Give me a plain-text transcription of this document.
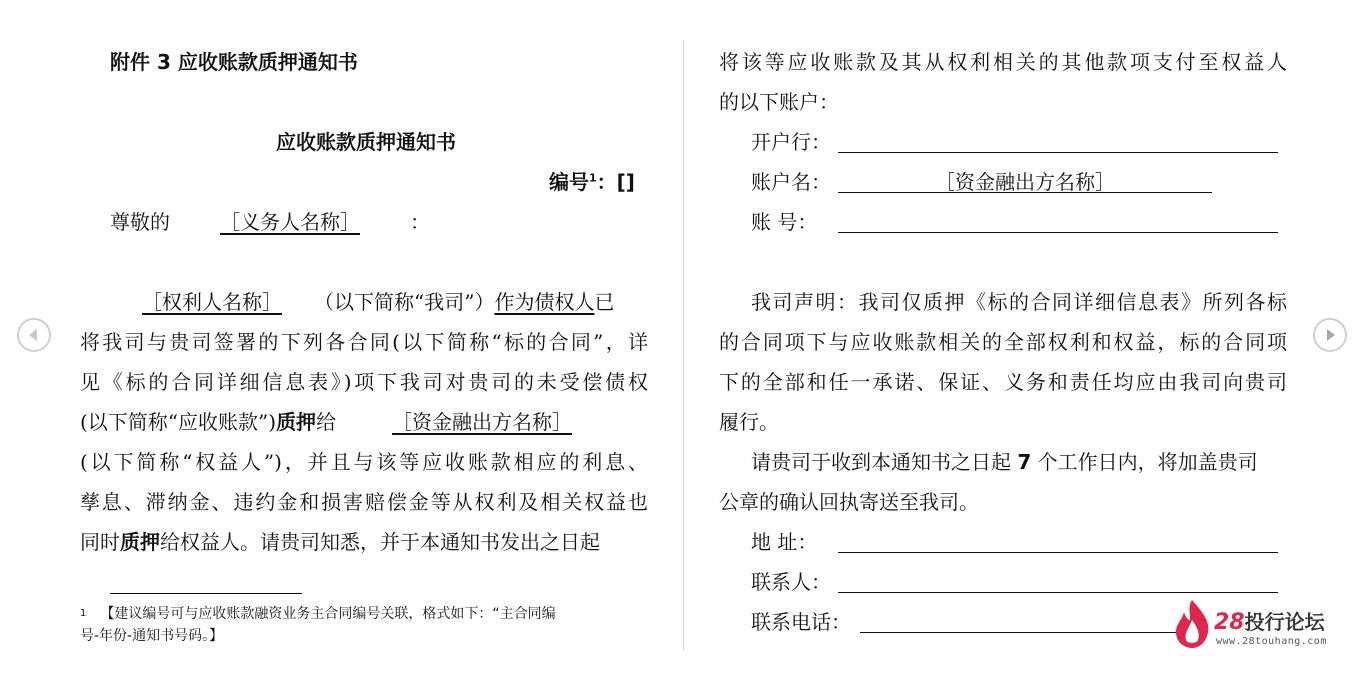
附件 3 应收账款质押通知书
应收账款质押通知书
编号$^1$：[]
尊敬的	［义务人名称］	：
［权利人名称］ （以下简称“我司”）作为债权人已
将我司与贵司签署的下列各合同(以下简称“标的合同”，详
见《标的合同详细信息表》)项下我司对贵司的未受偿债权
(以下简称“应收账款”)质押给	［资金融出方名称］
(以下简称“权益人”)，并且与该等应收账款相应的利息、
孳息、滞纳金、违约金和损害赔偿金等从权利及相关权益也
同时质押给权益人。请贵司知悉，并于本通知书发出之日起
$^1$ 【建议编号可与应收账款融资业务主合同编号关联，格式如下：“主合同编
号-年份-通知书号码。】
将该等应收账款及其从权利相关的其他款项支付至权益人
的以下账户：
开户行：
账户名：	［资金融出方名称］
账 号：
我司声明：我司仅质押《标的合同详细信息表》所列各标
的合同项下与应收账款相关的全部权利和权益，标的合同项
下的全部和任一承诺、保证、义务和责任均应由我司向贵司
履行。
请贵司于收到本通知书之日起 7 个工作日内，将加盖贵司
公章的确认回执寄送至我司。
地 址：
联系人：
联系电话：	28投行论坛
www.28touhang.com
